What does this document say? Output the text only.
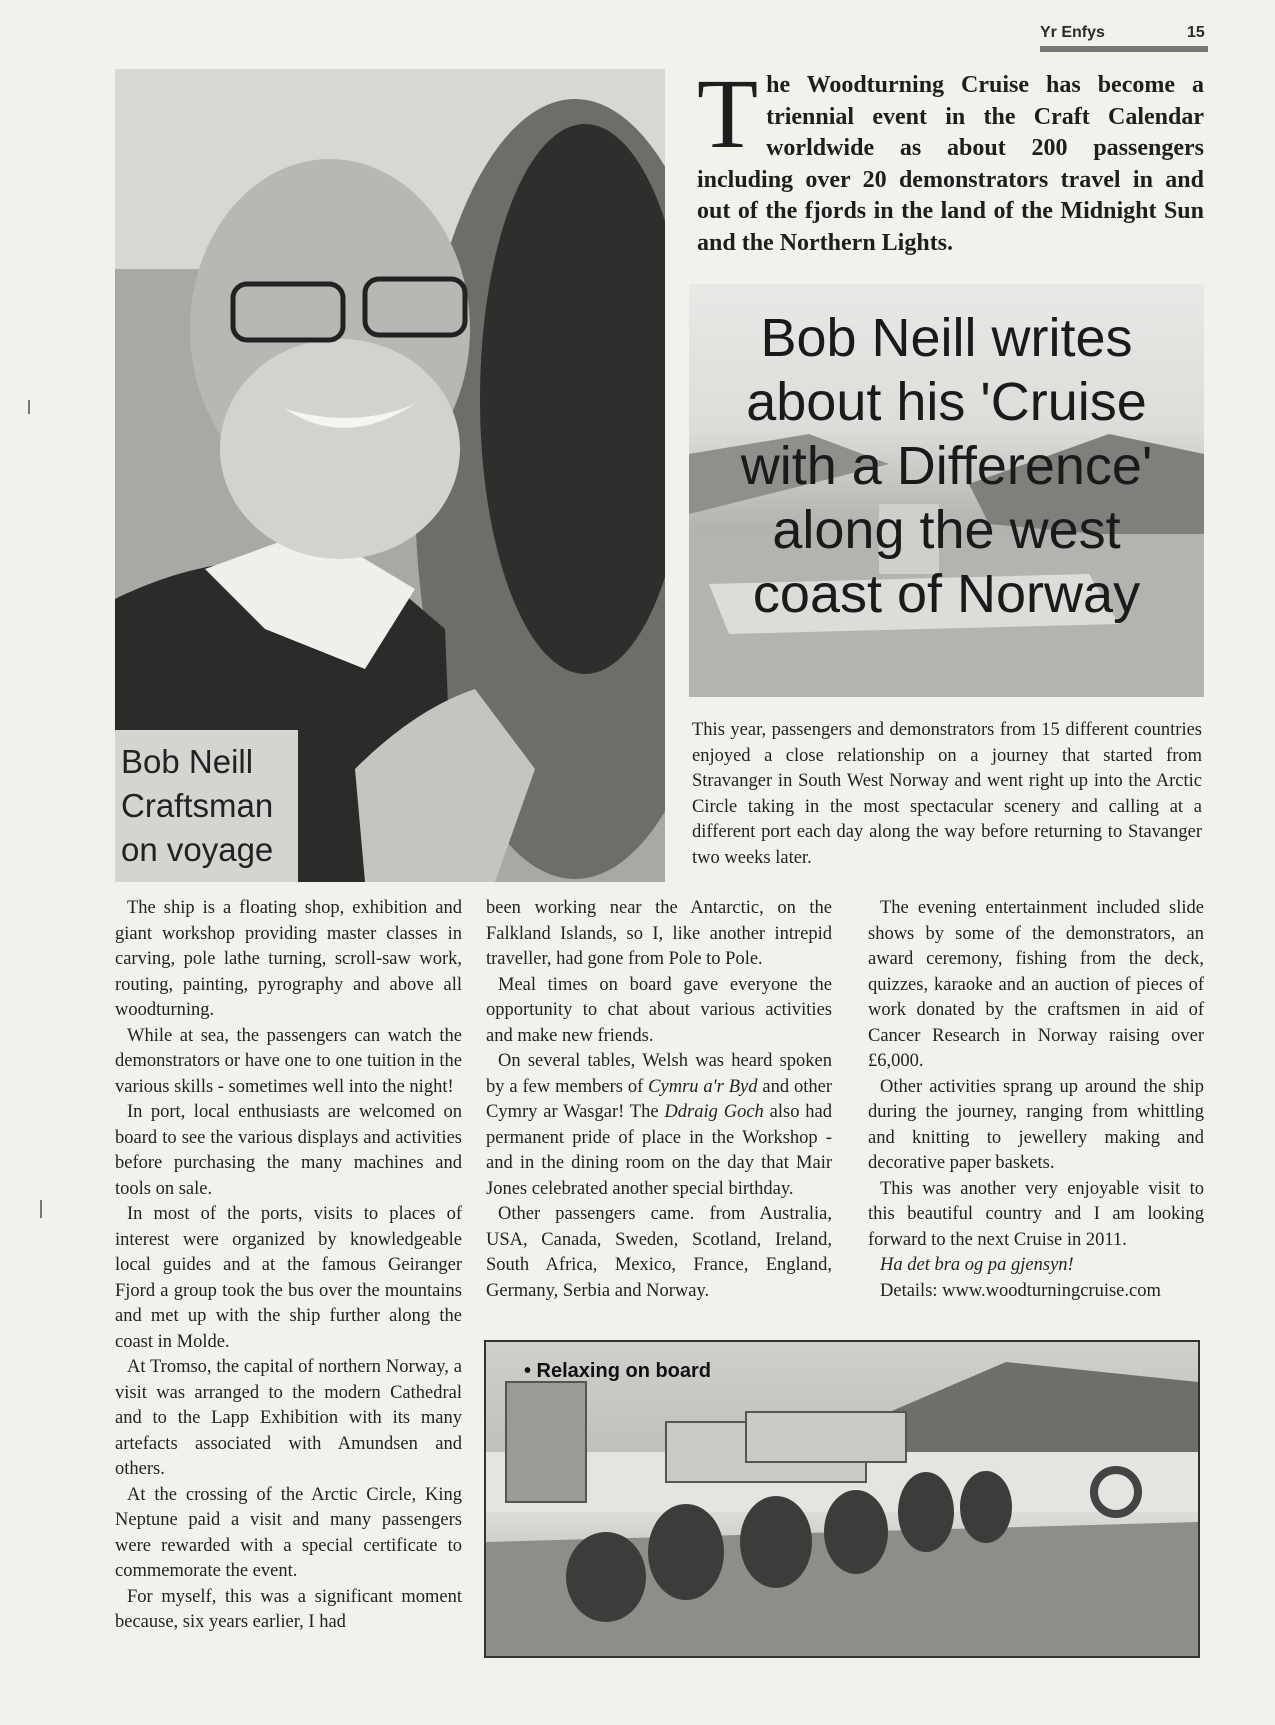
Yr Enfys	15
Bob Neill
Craftsman
on voyage
The Woodturning Cruise has become a triennial event in the Craft Calendar worldwide as about 200 passengers including over 20 demonstrators travel in and out of the fjords in the land of the Midnight Sun and the Northern Lights.
Bob Neill writes
about his 'Cruise
with a Difference'
along the west
coast of Norway

This year, passengers and demonstrators from 15 different countries enjoyed a close relationship on a journey that started from Stravanger in South West Norway and went right up into the Arctic Circle taking in the most spectacular scenery and calling at a different port each day along the way before returning to Stavanger two weeks later.

The ship is a floating shop, exhibition and giant workshop providing master classes in carving, pole lathe turning, scroll-saw work, routing, painting, pyrography and above all woodturning.

While at sea, the passengers can watch the demonstrators or have one to one tuition in the various skills - sometimes well into the night!

In port, local enthusiasts are welcomed on board to see the various displays and activities before purchasing the many machines and tools on sale.

In most of the ports, visits to places of interest were organized by knowledgeable local guides and at the famous Geiranger Fjord a group took the bus over the mountains and met up with the ship further along the coast in Molde.

At Tromso, the capital of northern Norway, a visit was arranged to the modern Cathedral and to the Lapp Exhibition with its many artefacts associated with Amundsen and others.

At the crossing of the Arctic Circle, King Neptune paid a visit and many passengers were rewarded with a special certificate to commemorate the event.

For myself, this was a significant moment because, six years earlier, I had

been working near the Antarctic, on the Falkland Islands, so I, like another intrepid traveller, had gone from Pole to Pole.

Meal times on board gave everyone the opportunity to chat about various activities and make new friends.

On several tables, Welsh was heard spoken by a few members of Cymru a'r Byd and other Cymry ar Wasgar! The Ddraig Goch also had permanent pride of place in the Workshop - and in the dining room on the day that Mair Jones celebrated another special birthday.

Other passengers came. from Australia, USA, Canada, Sweden, Scotland, Ireland, South Africa, Mexico, France, England, Germany, Serbia and Norway.

The evening entertainment included slide shows by some of the demonstrators, an award ceremony, fishing from the deck, quizzes, karaoke and an auction of pieces of work donated by the craftsmen in aid of Cancer Research in Norway raising over £6,000.

Other activities sprang up around the ship during the journey, ranging from whittling and knitting to jewellery making and decorative paper baskets.

This was another very enjoyable visit to this beautiful country and I am looking forward to the next Cruise in 2011.

Ha det bra og pa gjensyn!

Details: www.woodturningcruise.com

• Relaxing on board
